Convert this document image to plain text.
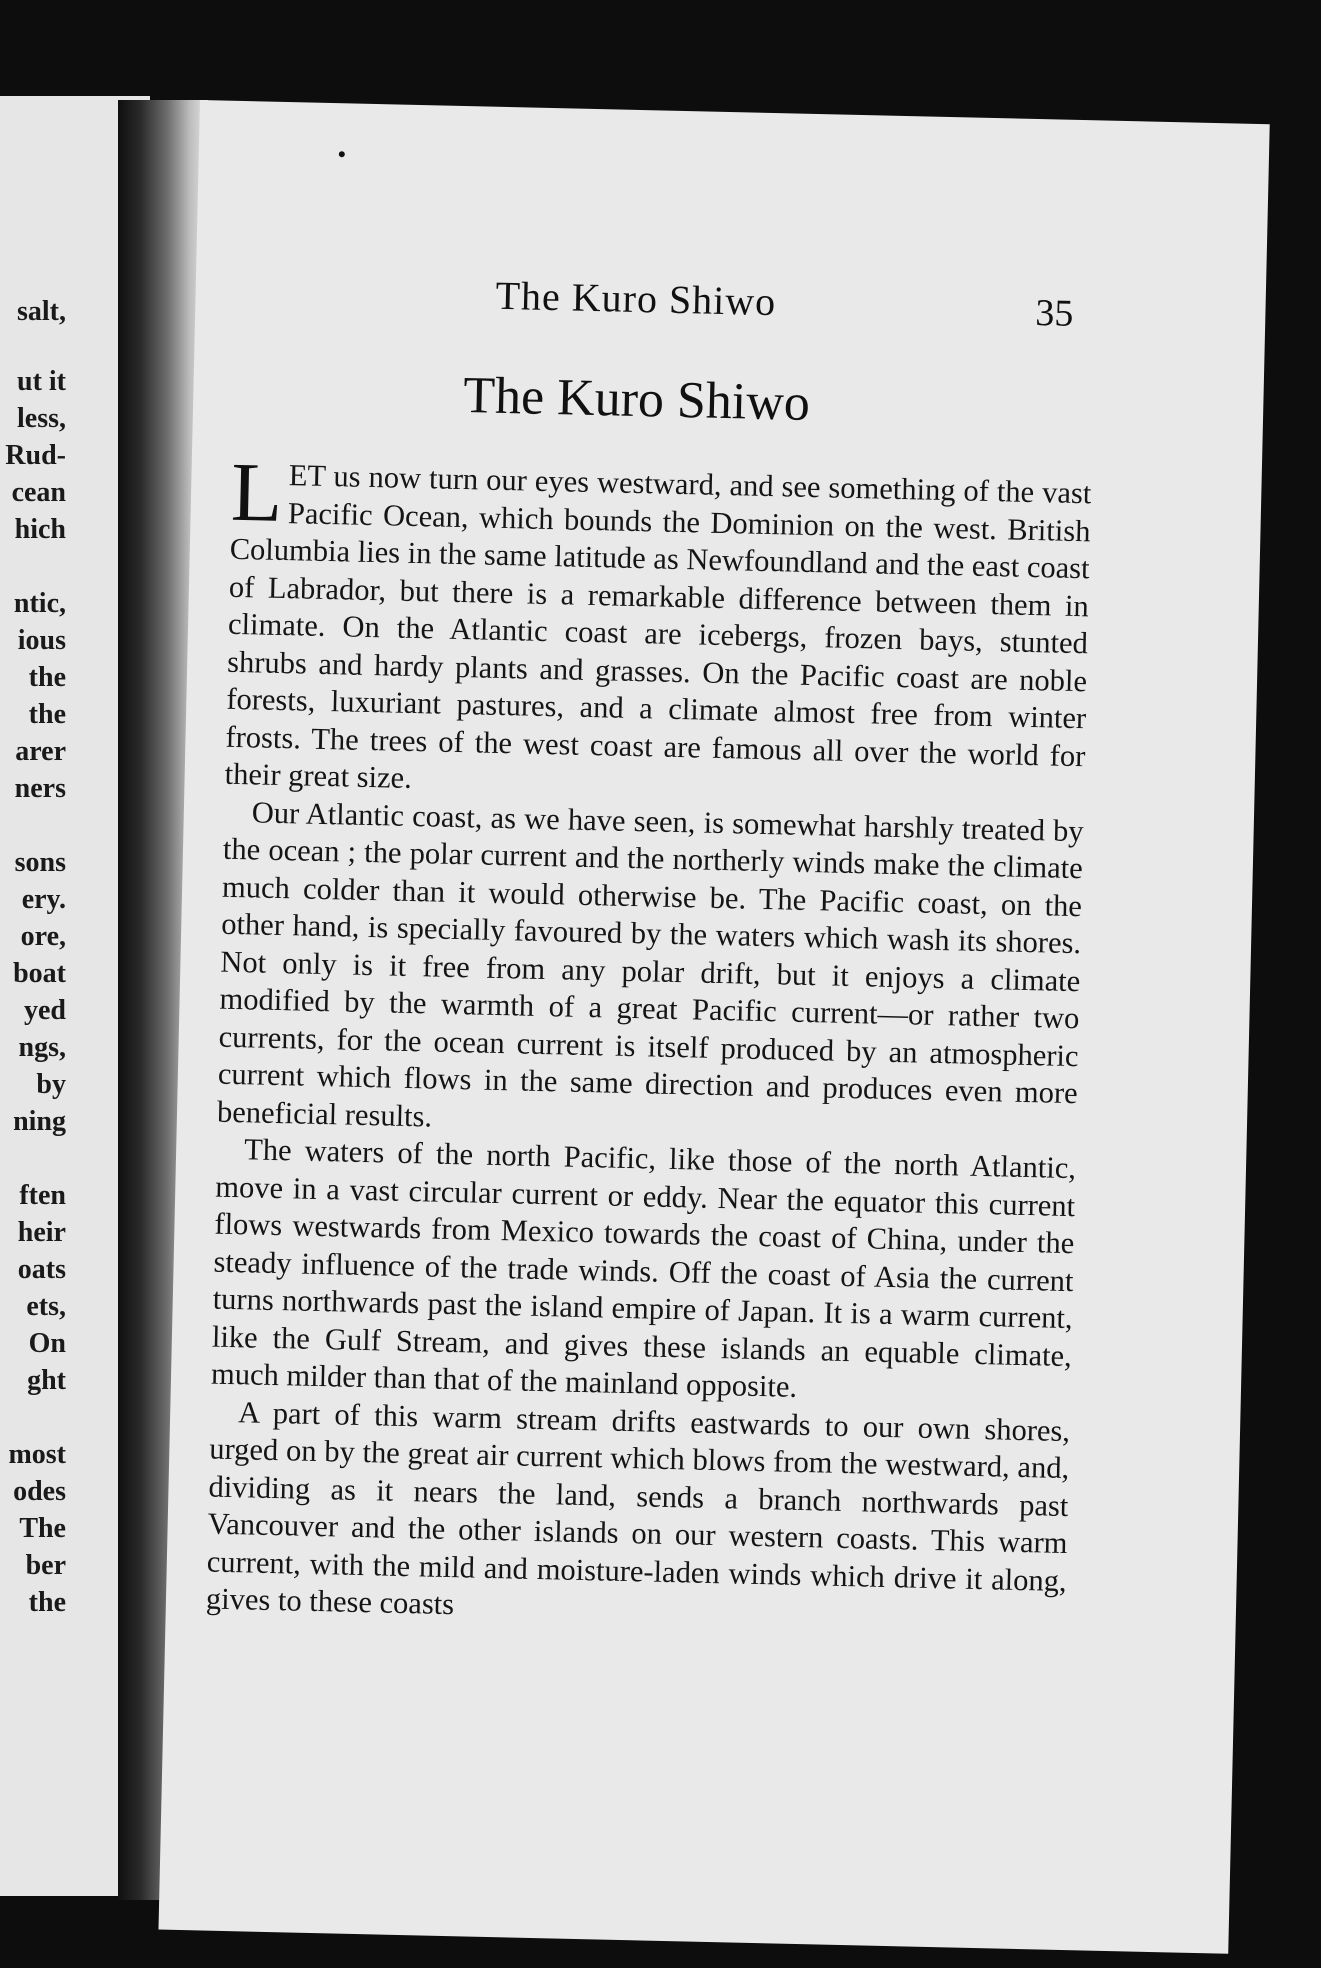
salt,
ut it
less,
Rud-
cean
hich
ntic,
ious
the
the
arer
ners
sons
ery.
ore,
boat
yed
ngs,
by
ning
ften
heir
oats
ets,
On
ght
most
odes
The
ber
the
The Kuro Shiwo	35
The Kuro Shiwo

LET us now turn our eyes westward, and see something of the vast Pacific Ocean, which bounds the Dominion on the west. British Columbia lies in the same latitude as Newfoundland and the east coast of Labrador, but there is a remarkable difference between them in climate. On the Atlantic coast are icebergs, frozen bays, stunted shrubs and hardy plants and grasses. On the Pacific coast are noble forests, luxuriant pastures, and a climate almost free from winter frosts. The trees of the west coast are famous all over the world for their great size.

Our Atlantic coast, as we have seen, is somewhat harshly treated by the ocean ; the polar current and the northerly winds make the climate much colder than it would otherwise be. The Pacific coast, on the other hand, is specially favoured by the waters which wash its shores. Not only is it free from any polar drift, but it enjoys a climate modified by the warmth of a great Pacific current—or rather two currents, for the ocean current is itself produced by an atmospheric current which flows in the same direction and produces even more beneficial results.

The waters of the north Pacific, like those of the north Atlantic, move in a vast circular current or eddy. Near the equator this current flows westwards from Mexico towards the coast of China, under the steady influence of the trade winds. Off the coast of Asia the current turns northwards past the island empire of Japan. It is a warm current, like the Gulf Stream, and gives these islands an equable climate, much milder than that of the mainland opposite.

A part of this warm stream drifts eastwards to our own shores, urged on by the great air current which blows from the westward, and, dividing as it nears the land, sends a branch northwards past Vancouver and the other islands on our western coasts. This warm current, with the mild and moisture-laden winds which drive it along, gives to these coasts
